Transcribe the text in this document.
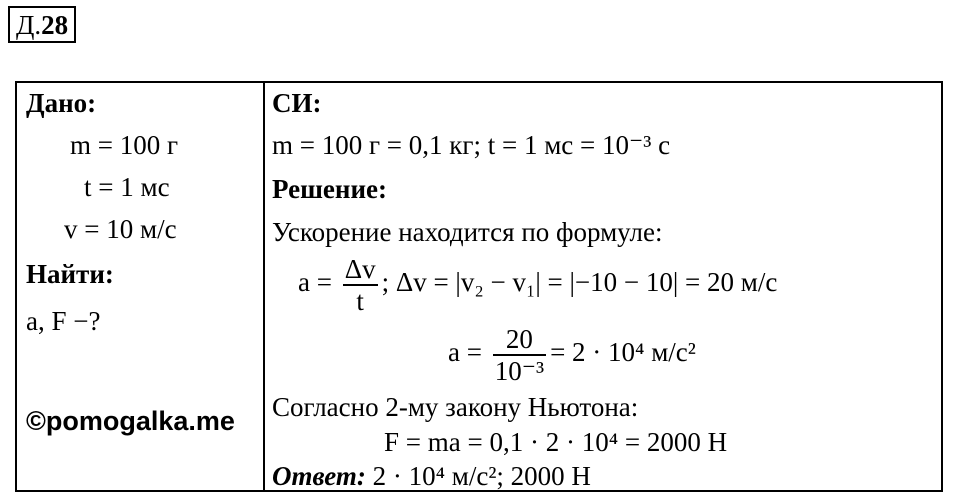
Д.28
Дано:
m = 100 г
t = 1 мс
v = 10 м/с
Найти:
a, F −?
©pomogalka.me
СИ:
m = 100 г = 0,1 кг; t = 1 мс = 10⁻³ с
Решение:
Ускорение находится по формуле:
$a = \frac{\Delta v}{t}$ ; Δv = |v₂ − v₁| = |−10 − 10| = 20 м/с
$a = \frac{20}{\text{10⁻³}} = 2 \cdot 10^4$ м/с²
Согласно 2-му закону Ньютона:
F = ma = 0,1 · 2 · 10⁴ = 2000 Н
Ответ: 2 · 10⁴ м/с²; 2000 Н
